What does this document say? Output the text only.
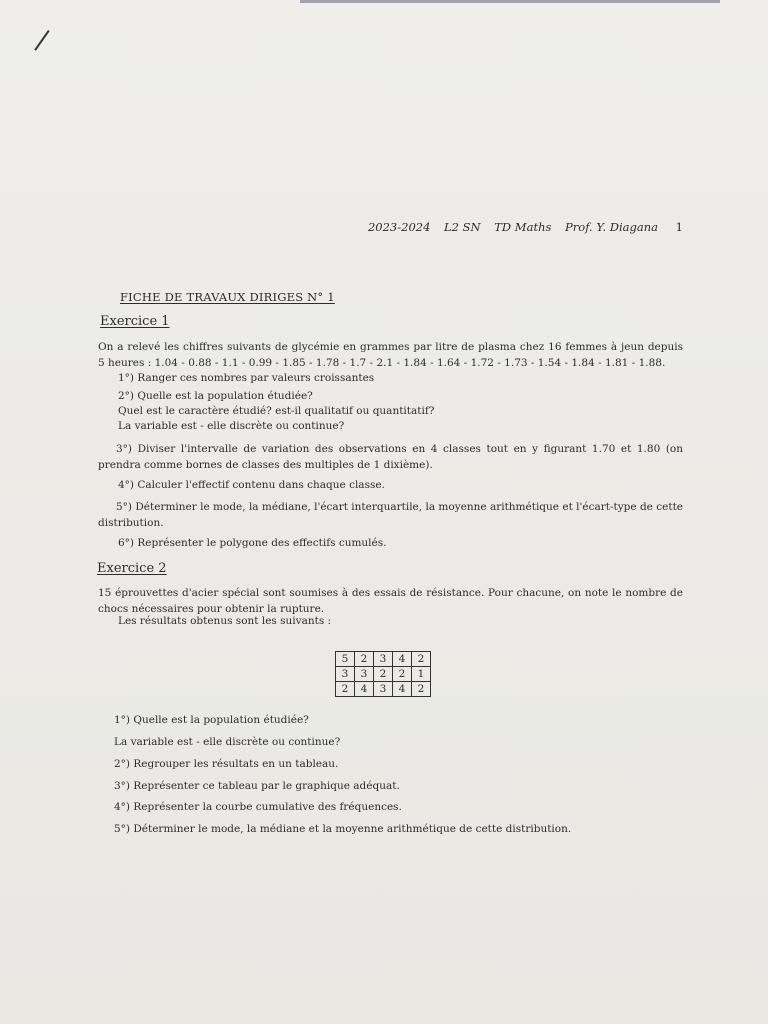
2023-2024 L2 SN TD Maths Prof. Y. Diagana 1
FICHE DE TRAVAUX DIRIGES N° 1
Exercice 1
On a relevé les chiffres suivants de glycémie en grammes par litre de plasma chez 16 femmes à jeun depuis 5 heures : 1.04 - 0.88 - 1.1 - 0.99 - 1.85 - 1.78 - 1.7 - 2.1 - 1.84 - 1.64 - 1.72 - 1.73 - 1.54 - 1.84 - 1.81 - 1.88.
1°) Ranger ces nombres par valeurs croissantes
2°) Quelle est la population étudiée?
Quel est le caractère étudié? est-il qualitatif ou quantitatif?
La variable est - elle discrète ou continue?
3°) Diviser l'intervalle de variation des observations en 4 classes tout en y figurant 1.70 et 1.80 (on prendra comme bornes de classes des multiples de 1 dixième).
4°) Calculer l'effectif contenu dans chaque classe.
5°) Déterminer le mode, la médiane, l'écart interquartile, la moyenne arithmétique et l'écart-type de cette distribution.
6°) Représenter le polygone des effectifs cumulés.
Exercice 2
15 éprouvettes d'acier spécial sont soumises à des essais de résistance. Pour chacune, on note le nombre de chocs nécessaires pour obtenir la rupture.
Les résultats obtenus sont les suivants :
5	2	3	4	2
3	3	2	2	1
2	4	3	4	2
1°) Quelle est la population étudiée?
La variable est - elle discrète ou continue?
2°) Regrouper les résultats en un tableau.
3°) Représenter ce tableau par le graphique adéquat.
4°) Représenter la courbe cumulative des fréquences.
5°) Déterminer le mode, la médiane et la moyenne arithmétique de cette distribution.
